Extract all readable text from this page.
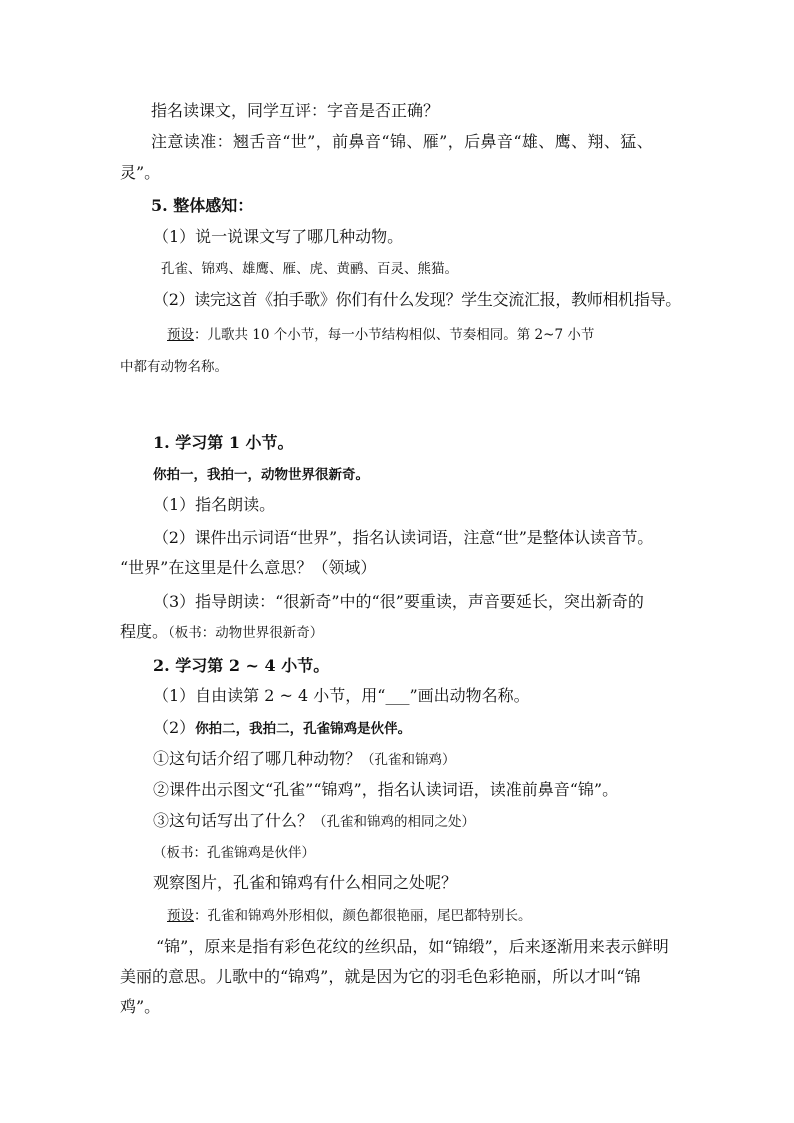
指名读课文，同学互评：字音是否正确？
注意读准：翘舌音“世”，前鼻音“锦、雁”，后鼻音“雄、鹰、翔、猛、
灵”。
5. 整体感知：
（1）说一说课文写了哪几种动物。
孔雀、锦鸡、雄鹰、雁、虎、黄鹂、百灵、熊猫。
（2）读完这首《拍手歌》你们有什么发现？学生交流汇报，教师相机指导。
预设：儿歌共 10 个小节，每一小节结构相似、节奏相同。第 2~7 小节
中都有动物名称。
1. 学习第 1 小节。
你拍一，我拍一，动物世界很新奇。
（1）指名朗读。
（2）课件出示词语“世界”，指名认读词语，注意“世”是整体认读音节。
“世界”在这里是什么意思？（领域）
（3）指导朗读：“很新奇”中的“很”要重读，声音要延长，突出新奇的
程度。（板书：动物世界很新奇）
2. 学习第 2 ~ 4 小节。
（1）自由读第 2 ~ 4 小节，用“___”画出动物名称。
（2）你拍二，我拍二，孔雀锦鸡是伙伴。
①这句话介绍了哪几种动物？（孔雀和锦鸡）
②课件出示图文“孔雀”“锦鸡”，指名认读词语，读准前鼻音“锦”。
③这句话写出了什么？（孔雀和锦鸡的相同之处）
（板书：孔雀锦鸡是伙伴）
观察图片，孔雀和锦鸡有什么相同之处呢？
预设：孔雀和锦鸡外形相似，颜色都很艳丽，尾巴都特别长。
“锦”，原来是指有彩色花纹的丝织品，如“锦缎”，后来逐渐用来表示鲜明
美丽的意思。儿歌中的“锦鸡”，就是因为它的羽毛色彩艳丽，所以才叫“锦
鸡”。
